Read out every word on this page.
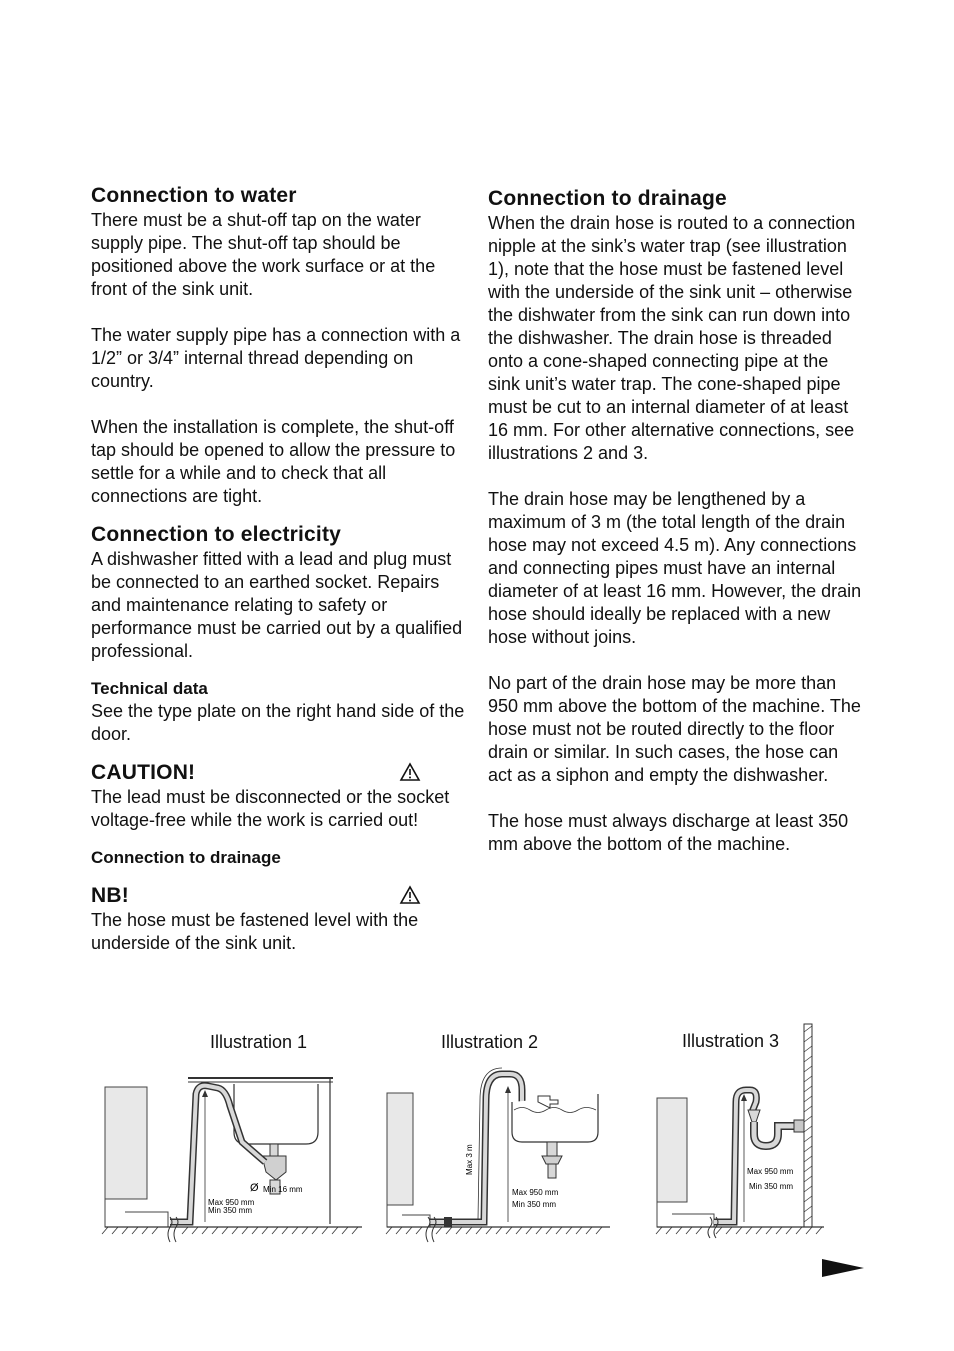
Connection to water

There must be a shut-off tap on the water supply pipe. The shut-off tap should be positioned above the work surface or at the front of the sink unit.

The water supply pipe has a connection with a 1/2” or 3/4” internal thread depending on country.

When the installation is complete, the shut-off tap should be opened to allow the pressure to settle for a while and to check that all connections are tight.

Connection to electricity

A dishwasher fitted with a lead and plug must be connected to an earthed socket. Repairs and maintenance relating to safety or performance must be carried out by a qualified professional.

Technical data

See the type plate on the right hand side of the door.

CAUTION!

The lead must be disconnected or the socket voltage-free while the work is carried out!

Connection to drainage
NB!

The hose must be fastened level with the underside of the sink unit.

Connection to drainage

When the drain hose is routed to a connection nipple at the sink’s water trap (see illustration 1), note that the hose must be fastened level with the underside of the sink unit – otherwise the dishwater from the sink can run down into the dishwasher. The drain hose is threaded onto a cone-shaped connecting pipe at the sink unit’s water trap. The cone-shaped pipe must be cut to an internal diameter of at least 16 mm. For other alternative connections, see illustrations 2 and 3.

The drain hose may be lengthened by a maximum of 3 m (the total length of the drain hose may not exceed 4.5 m). Any connections and connecting pipes must have an internal diameter of at least 16 mm. However, the drain hose should ideally be replaced with a new hose without joins.

No part of the drain hose may be more than 950 mm above the bottom of the machine. The hose must not be routed directly to the floor drain or similar. In such cases, the hose can act as a siphon and empty the dishwasher.

The hose must always discharge at least 350 mm above the bottom of the machine.

Illustration 1	Illustration 2	Illustration 3
Max 950 mm
Min 350 mm
Ø Min 16 mm	Max 950 mm
Min 350 mm
Max 3 m	Max 950 mm
Min 350 mm
